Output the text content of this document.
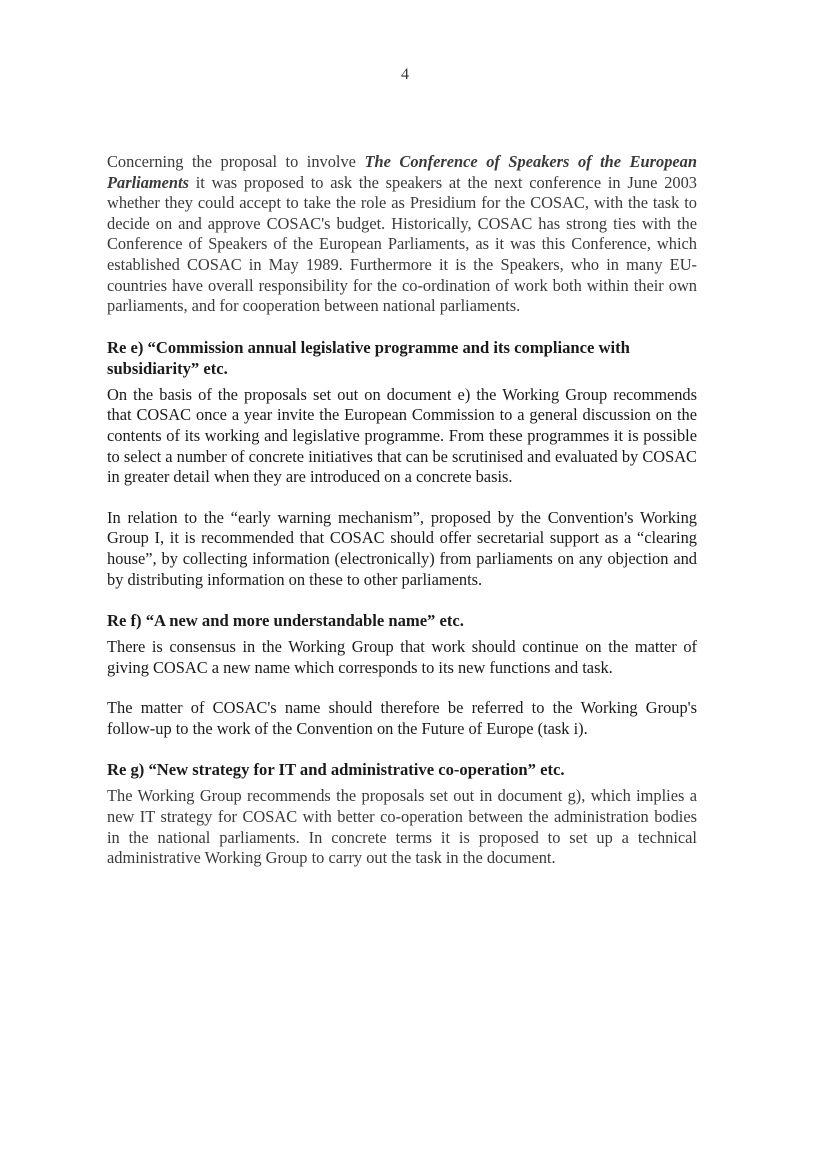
4

Concerning the proposal to involve The Conference of Speakers of the European Parliaments it was proposed to ask the speakers at the next conference in June 2003 whether they could accept to take the role as Presidium for the COSAC, with the task to decide on and approve COSAC's budget. Historically, COSAC has strong ties with the Conference of Speakers of the European Parliaments, as it was this Conference, which established COSAC in May 1989. Furthermore it is the Speakers, who in many EU-countries have overall responsibility for the co-ordination of work both within their own parliaments, and for cooperation between national parliaments.

Re e) “Commission annual legislative programme and its compliance with subsidiarity” etc.

On the basis of the proposals set out on document e) the Working Group recommends that COSAC once a year invite the European Commission to a general discussion on the contents of its working and legislative programme. From these programmes it is possible to select a number of concrete initiatives that can be scrutinised and evaluated by COSAC in greater detail when they are introduced on a concrete basis.

In relation to the “early warning mechanism”, proposed by the Convention's Working Group I, it is recommended that COSAC should offer secretarial support as a “clearing house”, by collecting information (electronically) from parliaments on any objection and by distributing information on these to other parliaments.

Re f) “A new and more understandable name” etc.

There is consensus in the Working Group that work should continue on the matter of giving COSAC a new name which corresponds to its new functions and task.

The matter of COSAC's name should therefore be referred to the Working Group's follow-up to the work of the Convention on the Future of Europe (task i).

Re g) “New strategy for IT and administrative co-operation” etc.

The Working Group recommends the proposals set out in document g), which implies a new IT strategy for COSAC with better co-operation between the administration bodies in the national parliaments. In concrete terms it is proposed to set up a technical administrative Working Group to carry out the task in the document.
